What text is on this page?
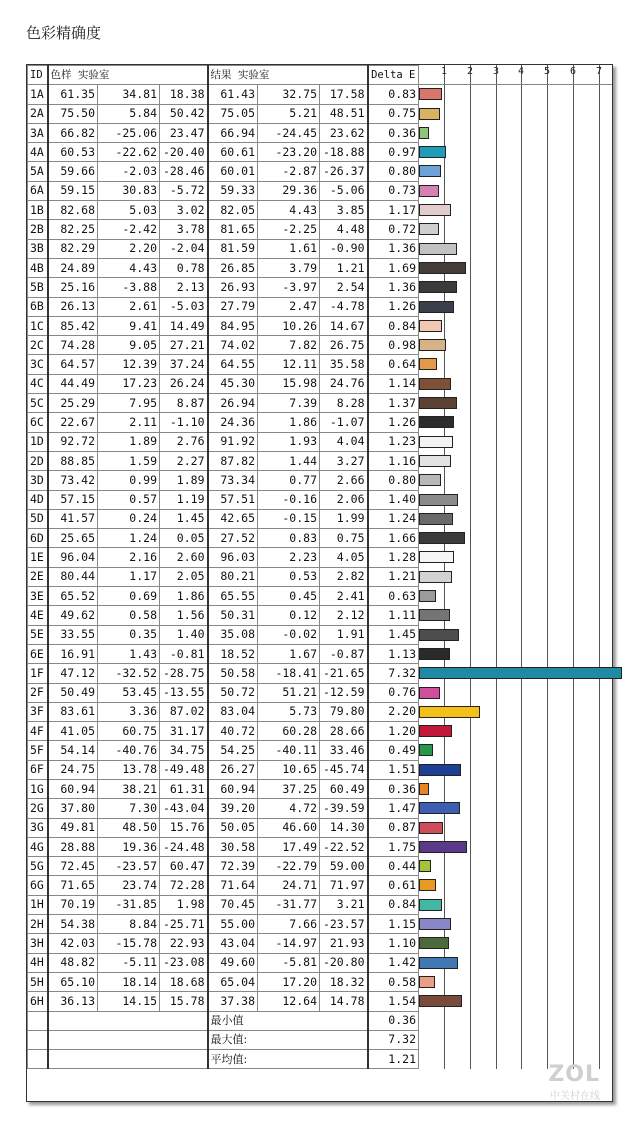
色彩精确度
ID	色样 实验室			结果 实验室			Delta E
1A	61.35	34.81	18.38	61.43	32.75	17.58	0.83
2A	75.50	5.84	50.42	75.05	5.21	48.51	0.75
3A	66.82	-25.06	23.47	66.94	-24.45	23.62	0.36
4A	60.53	-22.62	-20.40	60.61	-23.20	-18.88	0.97
5A	59.66	-2.03	-28.46	60.01	-2.87	-26.37	0.80
6A	59.15	30.83	-5.72	59.33	29.36	-5.06	0.73
1B	82.68	5.03	3.02	82.05	4.43	3.85	1.17
2B	82.25	-2.42	3.78	81.65	-2.25	4.48	0.72
3B	82.29	2.20	-2.04	81.59	1.61	-0.90	1.36
4B	24.89	4.43	0.78	26.85	3.79	1.21	1.69
5B	25.16	-3.88	2.13	26.93	-3.97	2.54	1.36
6B	26.13	2.61	-5.03	27.79	2.47	-4.78	1.26
1C	85.42	9.41	14.49	84.95	10.26	14.67	0.84
2C	74.28	9.05	27.21	74.02	7.82	26.75	0.98
3C	64.57	12.39	37.24	64.55	12.11	35.58	0.64
4C	44.49	17.23	26.24	45.30	15.98	24.76	1.14
5C	25.29	7.95	8.87	26.94	7.39	8.28	1.37
6C	22.67	2.11	-1.10	24.36	1.86	-1.07	1.26
1D	92.72	1.89	2.76	91.92	1.93	4.04	1.23
2D	88.85	1.59	2.27	87.82	1.44	3.27	1.16
3D	73.42	0.99	1.89	73.34	0.77	2.66	0.80
4D	57.15	0.57	1.19	57.51	-0.16	2.06	1.40
5D	41.57	0.24	1.45	42.65	-0.15	1.99	1.24
6D	25.65	1.24	0.05	27.52	0.83	0.75	1.66
1E	96.04	2.16	2.60	96.03	2.23	4.05	1.28
2E	80.44	1.17	2.05	80.21	0.53	2.82	1.21
3E	65.52	0.69	1.86	65.55	0.45	2.41	0.63
4E	49.62	0.58	1.56	50.31	0.12	2.12	1.11
5E	33.55	0.35	1.40	35.08	-0.02	1.91	1.45
6E	16.91	1.43	-0.81	18.52	1.67	-0.87	1.13
1F	47.12	-32.52	-28.75	50.58	-18.41	-21.65	7.32
2F	50.49	53.45	-13.55	50.72	51.21	-12.59	0.76
3F	83.61	3.36	87.02	83.04	5.73	79.80	2.20
4F	41.05	60.75	31.17	40.72	60.28	28.66	1.20
5F	54.14	-40.76	34.75	54.25	-40.11	33.46	0.49
6F	24.75	13.78	-49.48	26.27	10.65	-45.74	1.51
1G	60.94	38.21	61.31	60.94	37.25	60.49	0.36
2G	37.80	7.30	-43.04	39.20	4.72	-39.59	1.47
3G	49.81	48.50	15.76	50.05	46.60	14.30	0.87
4G	28.88	19.36	-24.48	30.58	17.49	-22.52	1.75
5G	72.45	-23.57	60.47	72.39	-22.79	59.00	0.44
6G	71.65	23.74	72.28	71.64	24.71	71.97	0.61
1H	70.19	-31.85	1.98	70.45	-31.77	3.21	0.84
2H	54.38	8.84	-25.71	55.00	7.66	-23.57	1.15
3H	42.03	-15.78	22.93	43.04	-14.97	21.93	1.10
4H	48.82	-5.11	-23.08	49.60	-5.81	-20.80	1.42
5H	65.10	18.14	18.68	65.04	17.20	18.32	0.58
6H	36.13	14.15	15.78	37.38	12.64	14.78	1.54
				最小值			0.36
				最大值:			7.32
				平均值:			1.21
1 2 3 4 5 6 7
ZOL
中关村在线
